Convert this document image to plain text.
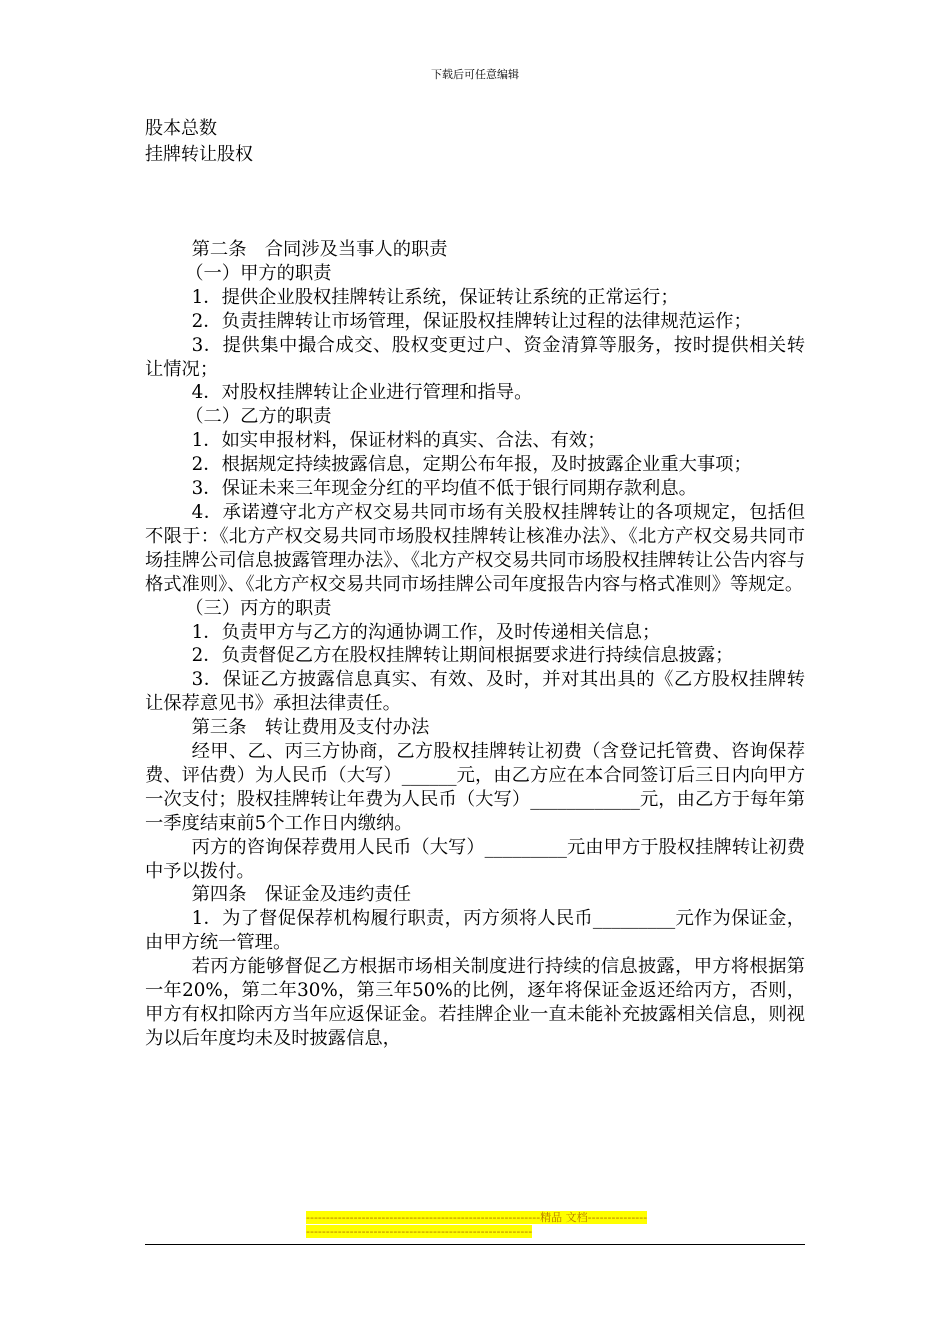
下载后可任意编辑
股本总数
挂牌转让股权

第二条　合同涉及当事人的职责

（一）甲方的职责

1．提供企业股权挂牌转让系统，保证转让系统的正常运行；

2．负责挂牌转让市场管理，保证股权挂牌转让过程的法律规范运作；

3．提供集中撮合成交、股权变更过户、资金清算等服务，按时提供相关转让情况；

4．对股权挂牌转让企业进行管理和指导。

（二）乙方的职责

1．如实申报材料，保证材料的真实、合法、有效；

2．根据规定持续披露信息，定期公布年报，及时披露企业重大事项；

3．保证未来三年现金分红的平均值不低于银行同期存款利息。

4．承诺遵守北方产权交易共同市场有关股权挂牌转让的各项规定，包括但不限于：《北方产权交易共同市场股权挂牌转让核准办法》、《北方产权交易共同市场挂牌公司信息披露管理办法》、《北方产权交易共同市场股权挂牌转让公告内容与格式准则》、《北方产权交易共同市场挂牌公司年度报告内容与格式准则》等规定。

（三）丙方的职责

1．负责甲方与乙方的沟通协调工作，及时传递相关信息；

2．负责督促乙方在股权挂牌转让期间根据要求进行持续信息披露；

3．保证乙方披露信息真实、有效、及时，并对其出具的《乙方股权挂牌转让保荐意见书》承担法律责任。

第三条　转让费用及支付办法

经甲、乙、丙三方协商，乙方股权挂牌转让初费（含登记托管费、咨询保荐费、评估费）为人民币（大写）______元，由乙方应在本合同签订后三日内向甲方一次支付；股权挂牌转让年费为人民币（大写）____________元，由乙方于每年第一季度结束前5个工作日内缴纳。

丙方的咨询保荐费用人民币（大写）_________元由甲方于股权挂牌转让初费中予以拨付。

第四条　保证金及违约责任

1．为了督促保荐机构履行职责，丙方须将人民币_________元作为保证金，由甲方统一管理。

若丙方能够督促乙方根据市场相关制度进行持续的信息披露，甲方将根据第一年20%，第二年30%，第三年50%的比例，逐年将保证金返还给丙方，否则，甲方有权扣除丙方当年应返保证金。若挂牌企业一直未能补充披露相关信息，则视为以后年度均未及时披露信息，

-----------------------------------------------------------精品 文档------------------------------------------------------------------------
